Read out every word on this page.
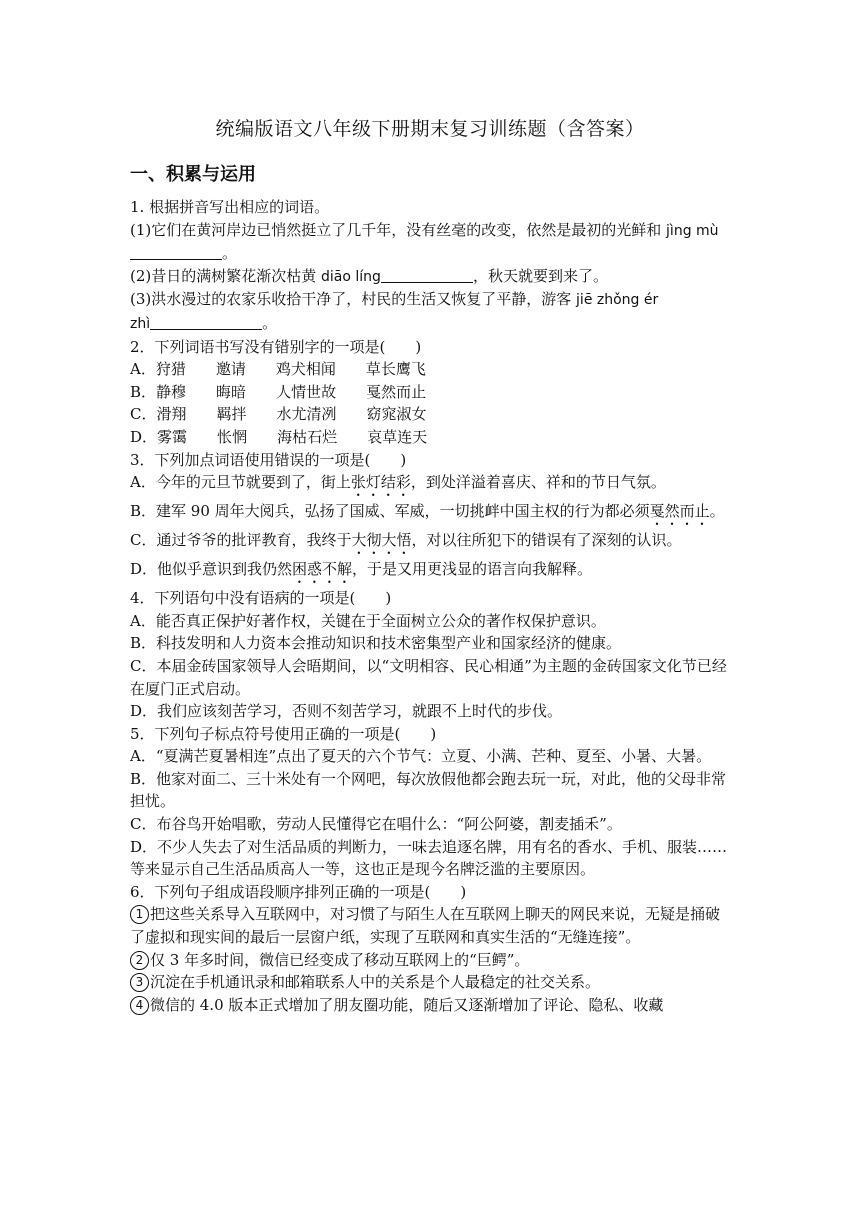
统编版语文八年级下册期末复习训练题（含答案）
一、积累与运用

1. 根据拼音写出相应的词语。

(1)它们在黄河岸边已悄然挺立了几千年，没有丝毫的改变，依然是最初的光鲜和 jìng mù。

(2)昔日的满树繁花渐次枯黄 diāo líng	，秋天就要到来了。

(3)洪水漫过的农家乐收拾干净了，村民的生活又恢复了平静，游客 jiē zhǒng ér
zhì	。

2．下列词语书写没有错别字的一项是(　　)

A．狩猎 邀请 鸡犬相闻 草长鹰飞

B．静穆 晦暗 人情世故 戛然而止

C．滑翔 羁拌 水尤清冽 窈窕淑女

D．雾霭 怅惘 海枯石烂 哀草连天

3．下列加点词语使用错误的一项是(　　)

A．今年的元旦节就要到了，街上张灯结彩，到处洋溢着喜庆、祥和的节日气氛。

B．建军 90 周年大阅兵，弘扬了国威、军威，一切挑衅中国主权的行为都必须戛然而止。

C．通过爷爷的批评教育，我终于大彻大悟，对以往所犯下的错误有了深刻的认识。

D．他似乎意识到我仍然困惑不解，于是又用更浅显的语言向我解释。

4．下列语句中没有语病的一项是(　　)

A．能否真正保护好著作权，关键在于全面树立公众的著作权保护意识。

B．科技发明和人力资本会推动知识和技术密集型产业和国家经济的健康。

C．本届金砖国家领导人会晤期间，以“文明相容、民心相通”为主题的金砖国家文化节已经在厦门正式启动。

D．我们应该刻苦学习，否则不刻苦学习，就跟不上时代的步伐。

5．下列句子标点符号使用正确的一项是(　　)

A．“夏满芒夏暑相连”点出了夏天的六个节气：立夏、小满、芒种、夏至、小暑、大暑。

B．他家对面二、三十米处有一个网吧，每次放假他都会跑去玩一玩，对此，他的父母非常担忧。

C．布谷鸟开始唱歌，劳动人民懂得它在唱什么：“阿公阿婆，割麦插禾”。

D．不少人失去了对生活品质的判断力，一味去追逐名牌，用有名的香水、手机、服装……等来显示自己生活品质高人一等，这也正是现今名牌泛滥的主要原因。

6．下列句子组成语段顺序排列正确的一项是(　　)

1 把这些关系导入互联网中，对习惯了与陌生人在互联网上聊天的网民来说，无疑是捅破了虚拟和现实间的最后一层窗户纸，实现了互联网和真实生活的“无缝连接”。

2 仅 3 年多时间，微信已经变成了移动互联网上的“巨鳄”。

3 沉淀在手机通讯录和邮箱联系人中的关系是个人最稳定的社交关系。

4 微信的 4.0 版本正式增加了朋友圈功能，随后又逐渐增加了评论、隐私、收藏
